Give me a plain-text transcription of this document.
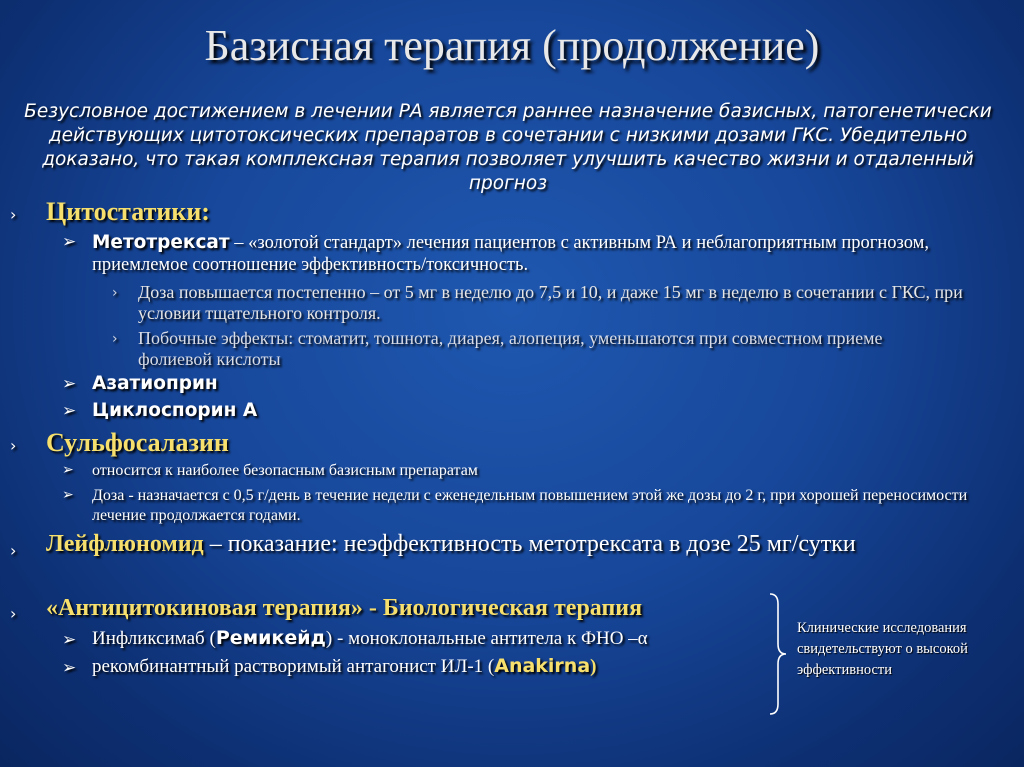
Базисная терапия (продолжение)
Безусловное достижением в лечении РА является раннее назначение базисных, патогенетически действующих цитотоксических препаратов в сочетании с низкими дозами ГКС. Убедительно доказано, что такая комплексная терапия позволяет улучшить качество жизни и отдаленный прогноз
› Цитостатики:
➢ Метотрексат – «золотой стандарт» лечения пациентов с активным РА и неблагоприятным прогнозом, приемлемое соотношение эффективность/токсичность.
› Доза повышается постепенно – от 5 мг в неделю до 7,5 и 10, и даже 15 мг в неделю в сочетании с ГКС, при условии тщательного контроля.
› Побочные эффекты: стоматит, тошнота, диарея, алопеция, уменьшаются при совместном приеме фолиевой кислоты
➢ Азатиоприн
➢ Циклоспорин А
› Сульфосалазин
➢ относится к наиболее безопасным базисным препаратам
➢ Доза - назначается с 0,5 г/день в течение недели с еженедельным повышением этой же дозы до 2 г, при хорошей переносимости лечение продолжается годами.
› Лейфлюномид – показание: неэффективность метотрексата в дозе 25 мг/сутки
› «Антицитокиновая терапия» - Биологическая терапия
➢ Инфликсимаб (Ремикейд) - моноклональные антитела к ФНО –α
➢ рекомбинантный растворимый антагонист ИЛ-1 (Anakirna)
Клинические исследования свидетельствуют о высокой эффективности
